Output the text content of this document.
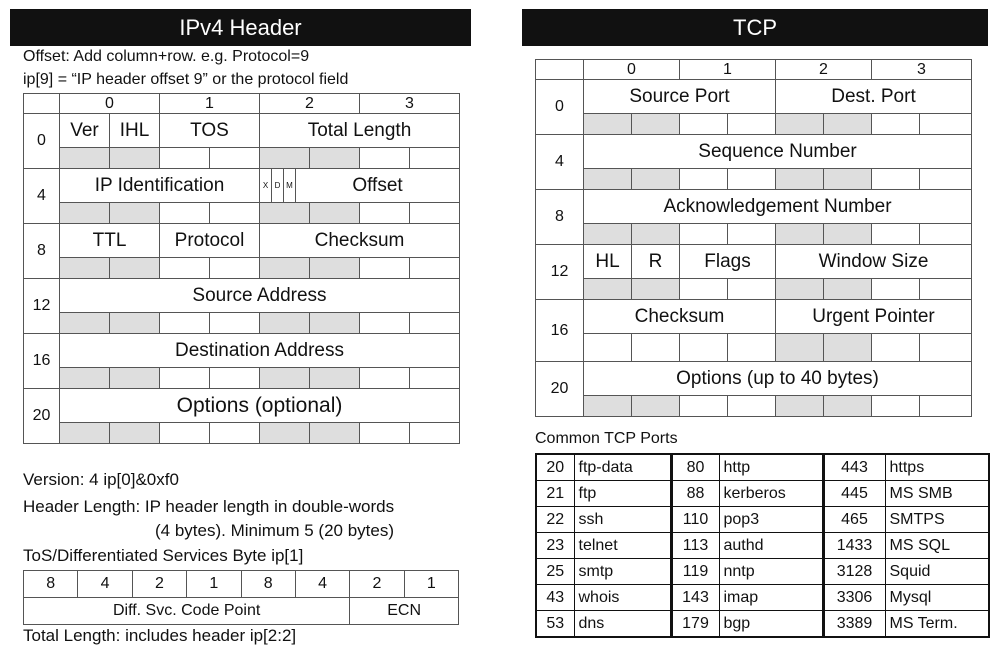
IPv4 Header
Offset: Add column+row. e.g. Protocol=9
ip[9] = “IP header offset 9” or the protocol field
	0		1		2		3	
0	Ver	IHL	TOS		Total Length			

4	IP Identification				X D M Offset			

8	TTL		Protocol		Checksum			

12	Source Address							

16	Destination Address							

20	Options (optional)							

Version: 4 ip[0]&0xf0
Header Length: IP header length in double-words
(4 bytes). Minimum 5 (20 bytes)
ToS/Differentiated Services Byte ip[1]
8	4	2	1	8	4	2	1
Diff. Svc. Code Point						ECN	
Total Length: includes header ip[2:2]
TCP
	0		1		2		3	
0	Source Port				Dest. Port			

4	Sequence Number							

8	Acknowledgement Number							

12	HL	R	Flags		Window Size			

16	Checksum				Urgent Pointer			

20	Options (up to 40 bytes)							

Common TCP Ports
20	ftp-data	80	http	443	https
21	ftp	88	kerberos	445	MS SMB
22	ssh	110	pop3	465	SMTPS
23	telnet	113	authd	1433	MS SQL
25	smtp	119	nntp	3128	Squid
43	whois	143	imap	3306	Mysql
53	dns	179	bgp	3389	MS Term.
